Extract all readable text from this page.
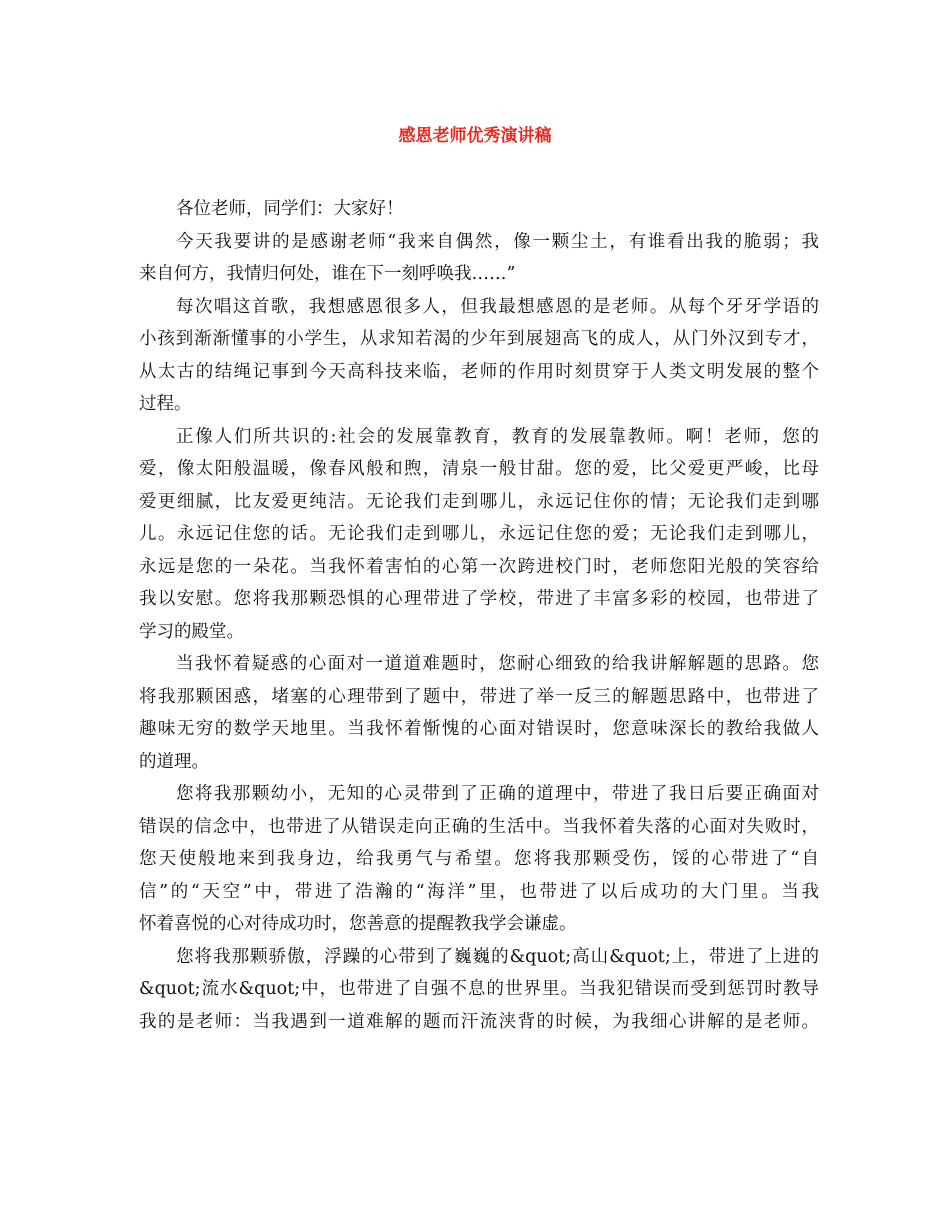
感恩老师优秀演讲稿
各位老师，同学们：大家好！
今天我要讲的是感谢老师“我来自偶然，像一颗尘土，有谁看出我的脆弱；我
来自何方，我情归何处，谁在下一刻呼唤我……”
每次唱这首歌，我想感恩很多人，但我最想感恩的是老师。从每个牙牙学语的
小孩到渐渐懂事的小学生，从求知若渴的少年到展翅高飞的成人，从门外汉到专才，
从太古的结绳记事到今天高科技来临，老师的作用时刻贯穿于人类文明发展的整个
过程。
正像人们所共识的:社会的发展靠教育，教育的发展靠教师。啊！老师，您的
爱，像太阳般温暖，像春风般和煦，清泉一般甘甜。您的爱，比父爱更严峻，比母
爱更细腻，比友爱更纯洁。无论我们走到哪儿，永远记住你的情；无论我们走到哪
儿。永远记住您的话。无论我们走到哪儿，永远记住您的爱；无论我们走到哪儿，
永远是您的一朵花。当我怀着害怕的心第一次跨进校门时，老师您阳光般的笑容给
我以安慰。您将我那颗恐惧的心理带进了学校，带进了丰富多彩的校园，也带进了
学习的殿堂。
当我怀着疑惑的心面对一道道难题时，您耐心细致的给我讲解解题的思路。您
将我那颗困惑，堵塞的心理带到了题中，带进了举一反三的解题思路中，也带进了
趣味无穷的数学天地里。当我怀着惭愧的心面对错误时，您意味深长的教给我做人
的道理。
您将我那颗幼小，无知的心灵带到了正确的道理中，带进了我日后要正确面对
错误的信念中，也带进了从错误走向正确的生活中。当我怀着失落的心面对失败时，
您天使般地来到我身边，给我勇气与希望。您将我那颗受伤，馁的心带进了“自
信”的“天空”中，带进了浩瀚的“海洋”里，也带进了以后成功的大门里。当我
怀着喜悦的心对待成功时，您善意的提醒教我学会谦虚。
您将我那颗骄傲，浮躁的心带到了巍巍的&quot;高山&quot;上，带进了上进的
&quot;流水&quot;中，也带进了自强不息的世界里。当我犯错误而受到惩罚时教导
我的是老师：当我遇到一道难解的题而汗流浃背的时候，为我细心讲解的是老师。
